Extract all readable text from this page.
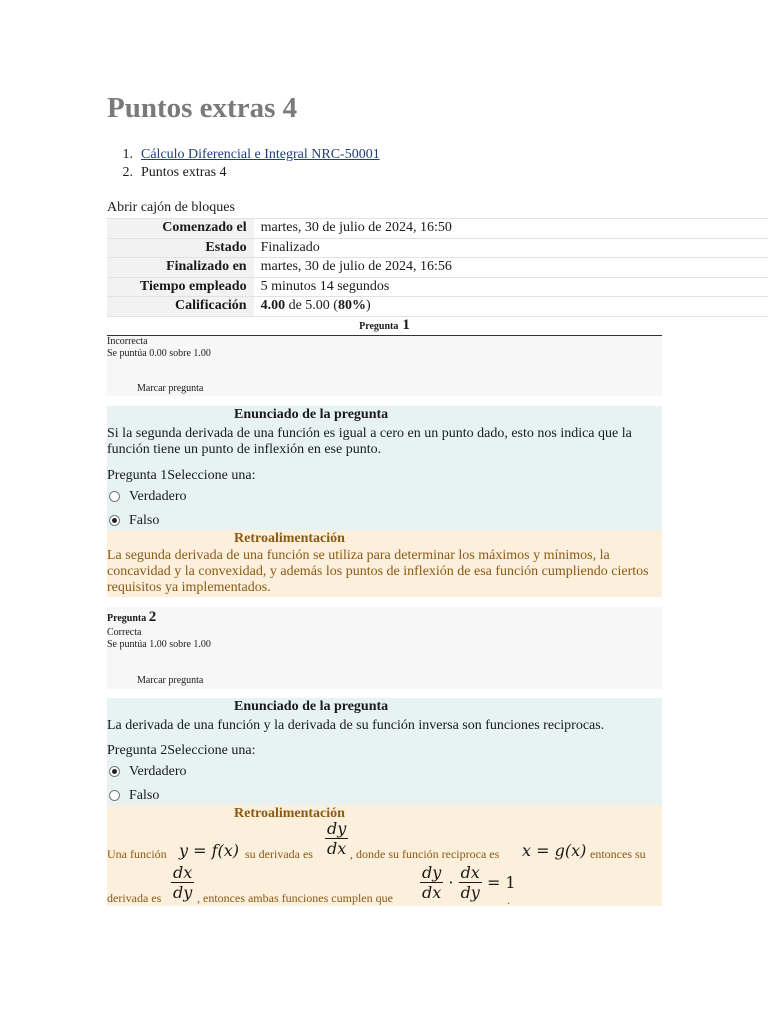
Puntos extras 4
1. Cálculo Diferencial e Integral NRC-50001
2. Puntos extras 4
Abrir cajón de bloques
Comenzado el	martes, 30 de julio de 2024, 16:50
Estado	Finalizado
Finalizado en	martes, 30 de julio de 2024, 16:56
Tiempo empleado	5 minutos 14 segundos
Calificación	4.00 de 5.00 (80%)
Pregunta 1
Incorrecta
Se puntúa 0.00 sobre 1.00
Marcar pregunta
Enunciado de la pregunta
Si la segunda derivada de una función es igual a cero en un punto dado, esto nos indica que la función tiene un punto de inflexión en ese punto.
Pregunta 1Seleccione una:
Verdadero
Falso
Retroalimentación
La segunda derivada de una función se utiliza para determinar los máximos y mínimos, la concavidad y la convexidad, y además los puntos de inflexión de esa función cumpliendo ciertos requisitos ya implementados.
Pregunta 2
Correcta
Se puntúa 1.00 sobre 1.00
Marcar pregunta
Enunciado de la pregunta
La derivada de una función y la derivada de su función inversa son funciones reciprocas.
Pregunta 2Seleccione una:
Verdadero
Falso
Retroalimentación
Una función y = f(x) su derivada es $\frac{dy}{dx}$ , donde su función reciproca es x = g(x) entonces su
derivada es $\frac{dx}{dy}$ , entonces ambas funciones cumplen que $\frac{dy}{dx} \cdot \frac{dx}{dy} = 1$
.
